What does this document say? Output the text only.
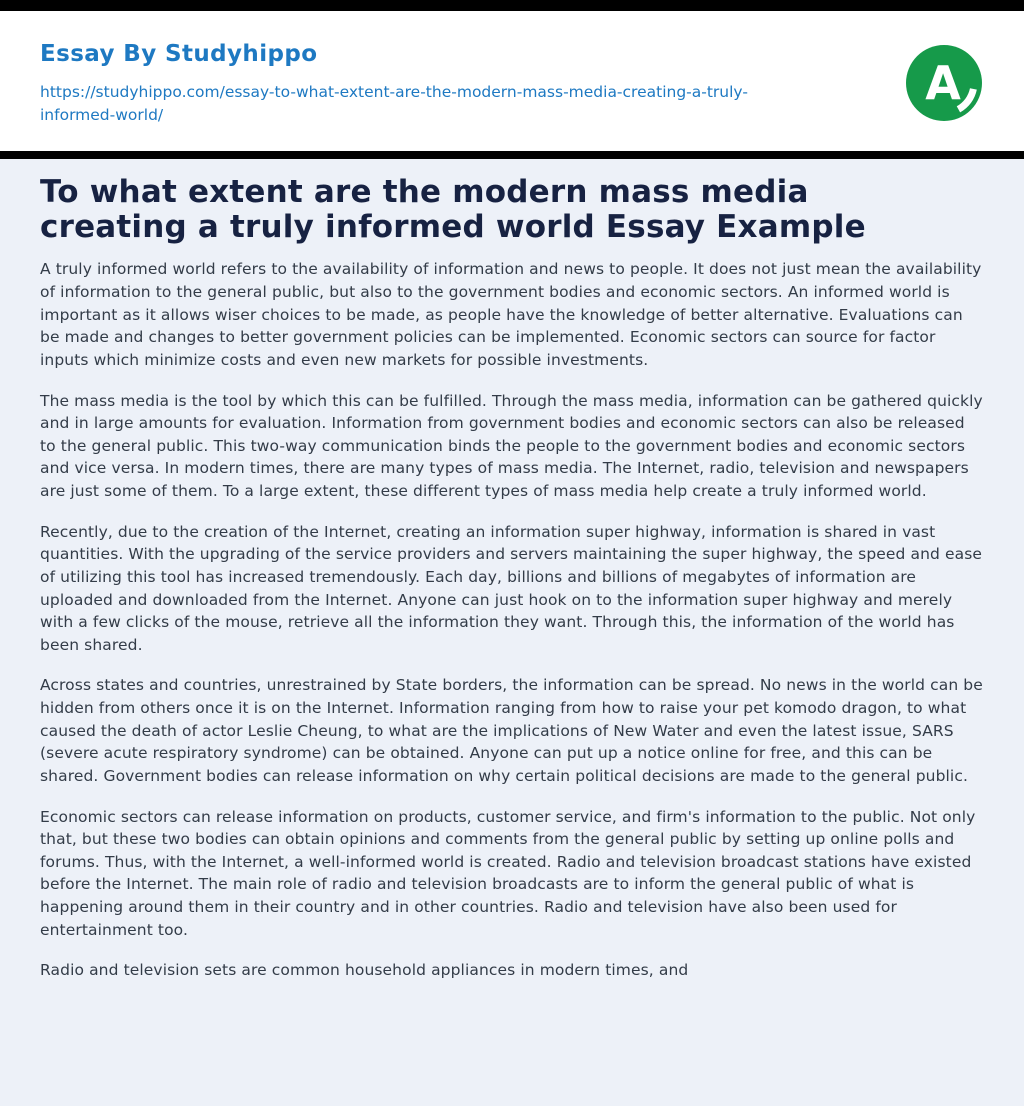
Essay By Studyhippo
https://studyhippo.com/essay-to-what-extent-are-the-modern-mass-media-creating-a-truly-informed-world/
A
To what extent are the modern mass media creating a truly informed world Essay Example

A truly informed world refers to the availability of information and news to people. It does not just mean the availability of information to the general public, but also to the government bodies and economic sectors. An informed world is important as it allows wiser choices to be made, as people have the knowledge of better alternative. Evaluations can be made and changes to better government policies can be implemented. Economic sectors can source for factor inputs which minimize costs and even new markets for possible investments.

The mass media is the tool by which this can be fulfilled. Through the mass media, information can be gathered quickly and in large amounts for evaluation. Information from government bodies and economic sectors can also be released to the general public. This two-way communication binds the people to the government bodies and economic sectors and vice versa. In modern times, there are many types of mass media. The Internet, radio, television and newspapers are just some of them. To a large extent, these different types of mass media help create a truly informed world.

Recently, due to the creation of the Internet, creating an information super highway, information is shared in vast quantities. With the upgrading of the service providers and servers maintaining the super highway, the speed and ease of utilizing this tool has increased tremendously. Each day, billions and billions of megabytes of information are uploaded and downloaded from the Internet. Anyone can just hook on to the information super highway and merely with a few clicks of the mouse, retrieve all the information they want. Through this, the information of the world has been shared.

Across states and countries, unrestrained by State borders, the information can be spread. No news in the world can be hidden from others once it is on the Internet. Information ranging from how to raise your pet komodo dragon, to what caused the death of actor Leslie Cheung, to what are the implications of New Water and even the latest issue, SARS (severe acute respiratory syndrome) can be obtained. Anyone can put up a notice online for free, and this can be shared. Government bodies can release information on why certain political decisions are made to the general public.

Economic sectors can release information on products, customer service, and firm's information to the public. Not only that, but these two bodies can obtain opinions and comments from the general public by setting up online polls and forums. Thus, with the Internet, a well-informed world is created. Radio and television broadcast stations have existed before the Internet. The main role of radio and television broadcasts are to inform the general public of what is happening around them in their country and in other countries. Radio and television have also been used for entertainment too.

Radio and television sets are common household appliances in modern times, and
